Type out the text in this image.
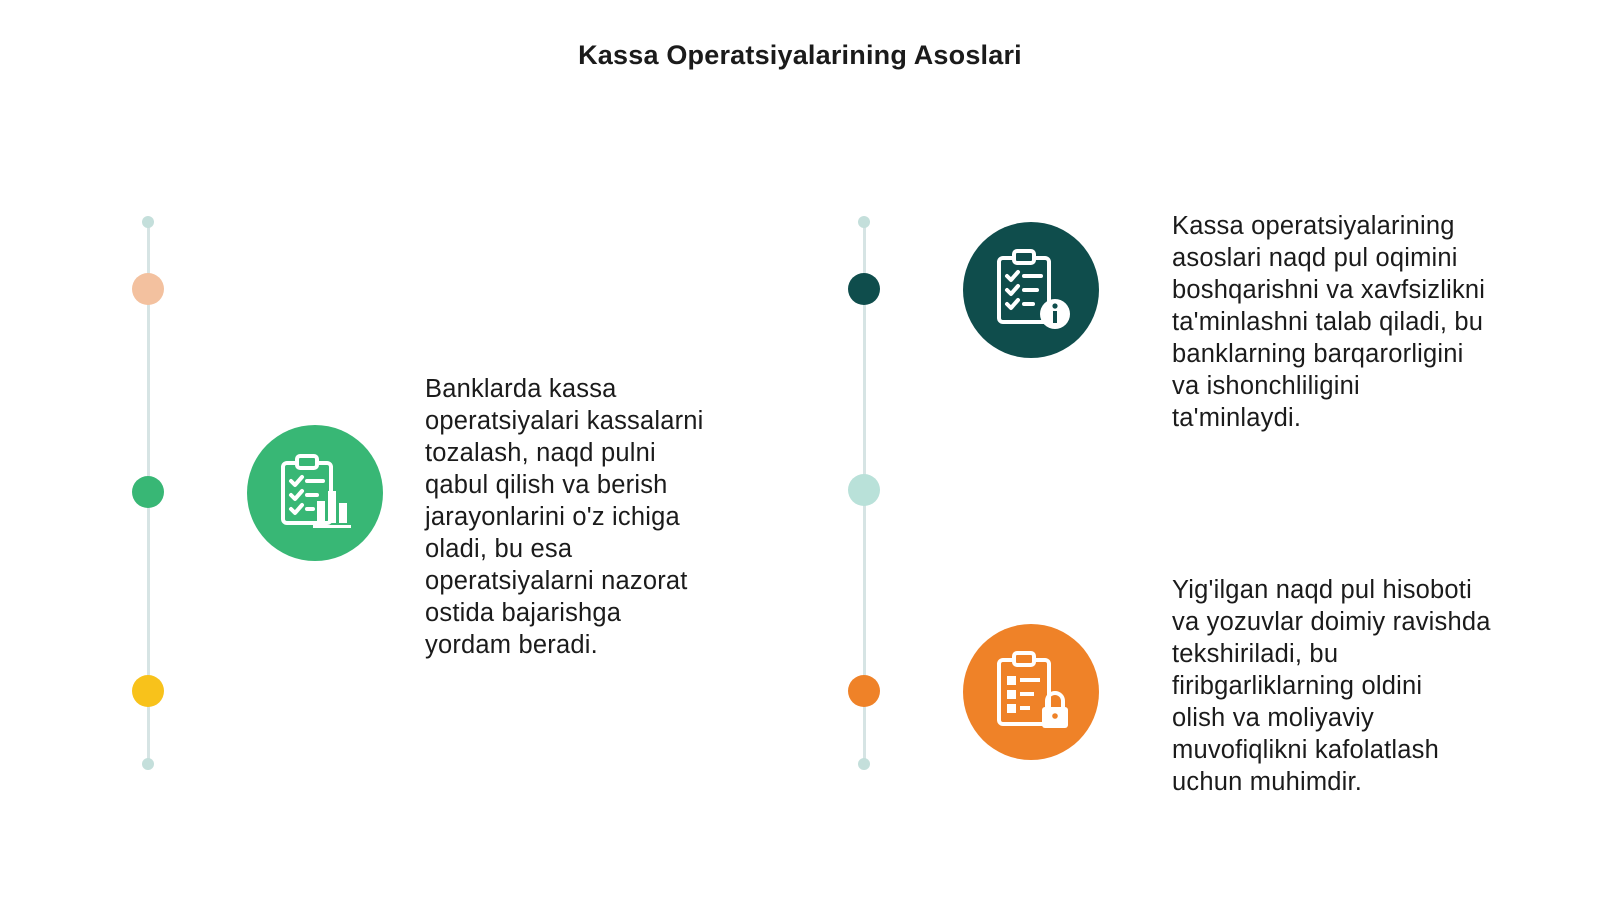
Kassa Operatsiyalarining Asoslari
Banklarda kassa
operatsiyalari kassalarni
tozalash, naqd pulni
qabul qilish va berish
jarayonlarini o'z ichiga
oladi, bu esa
operatsiyalarni nazorat
ostida bajarishga
yordam beradi.
Kassa operatsiyalarining
asoslari naqd pul oqimini
boshqarishni va xavfsizlikni
ta'minlashni talab qiladi, bu
banklarning barqarorligini
va ishonchliligini
ta'minlaydi.
Yig'ilgan naqd pul hisoboti
va yozuvlar doimiy ravishda
tekshiriladi, bu
firibgarliklarning oldini
olish va moliyaviy
muvofiqlikni kafolatlash
uchun muhimdir.
